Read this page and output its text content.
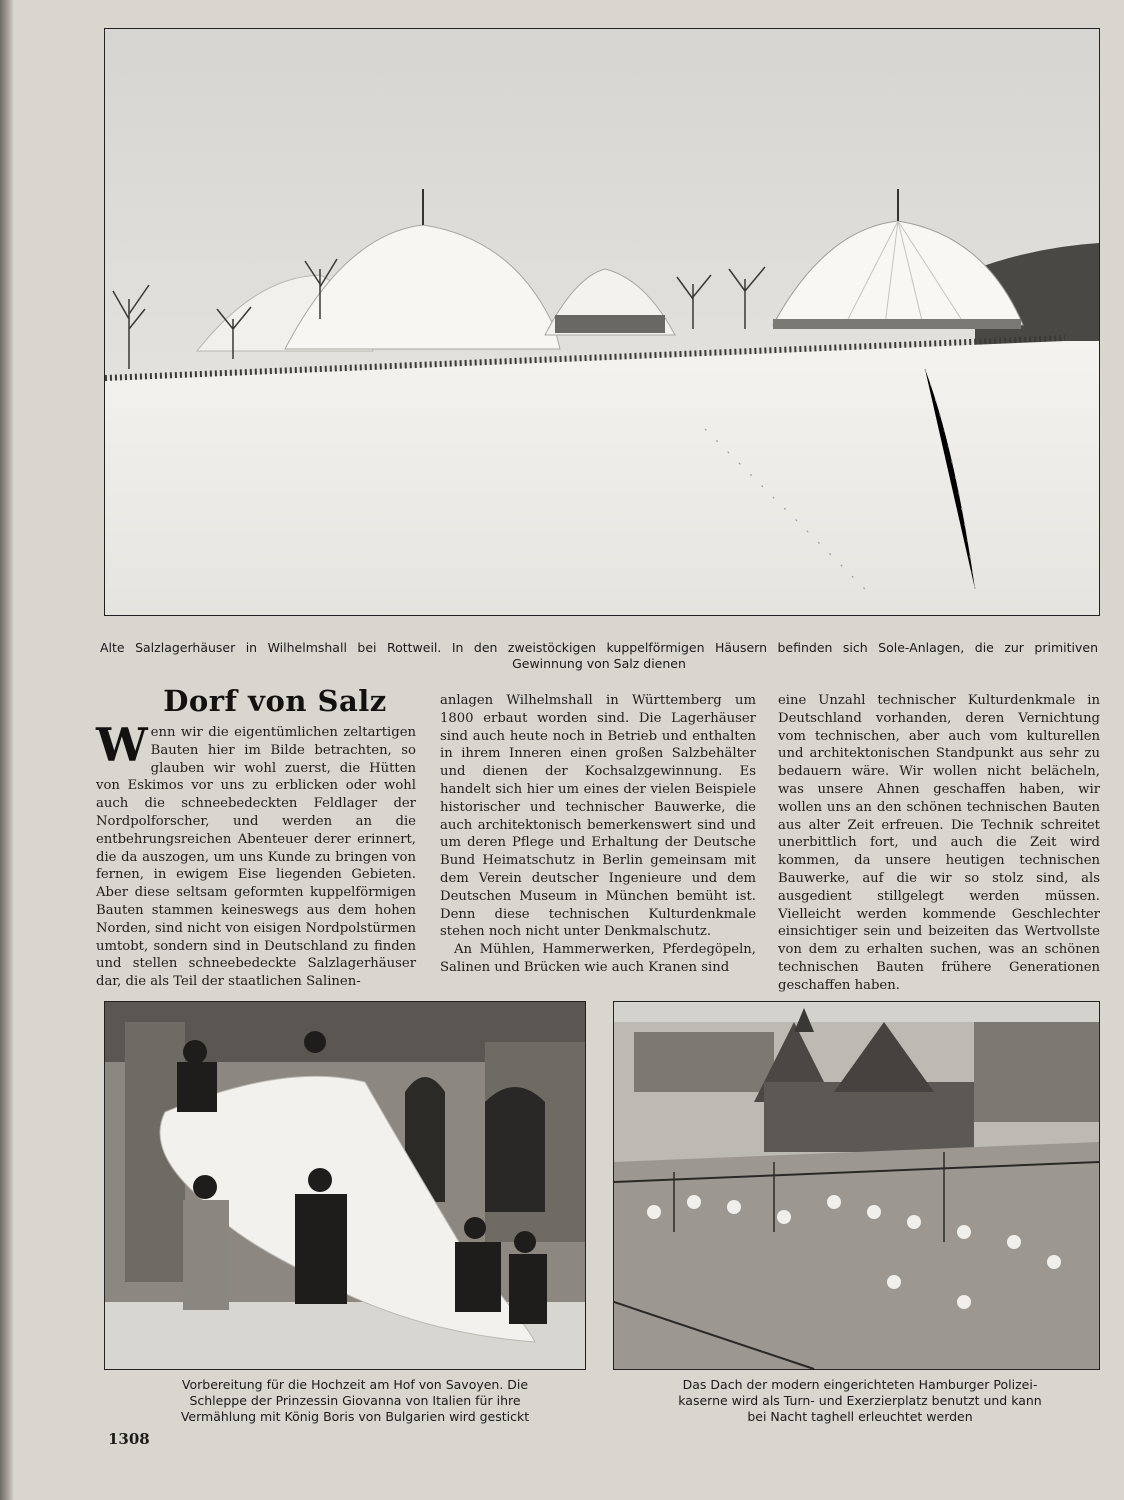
Alte Salzlagerhäuser in Wilhelmshall bei Rottweil. In den zweistöckigen kuppelförmigen Häusern befinden sich Sole-Anlagen, die zur primitiven
Gewinnung von Salz dienen
Dorf von Salz

Wenn wir die eigentümlichen zeltartigen Bauten hier im Bilde betrachten, so glauben wir wohl zuerst, die Hütten von Eskimos vor uns zu erblicken oder wohl auch die schneebedeckten Feldlager der Nordpolforscher, und werden an die entbehrungsreichen Abenteuer derer erinnert, die da auszogen, um uns Kunde zu bringen von fernen, in ewigem Eise liegenden Gebieten. Aber diese seltsam geformten kuppelförmigen Bauten stammen keineswegs aus dem hohen Norden, sind nicht von eisigen Nordpolstürmen umtobt, sondern sind in Deutschland zu finden und stellen schneebedeckte Salzlagerhäuser dar, die als Teil der staatlichen Salinen-

anlagen Wilhelmshall in Württemberg um 1800 erbaut worden sind. Die Lagerhäuser sind auch heute noch in Betrieb und enthalten in ihrem Inneren einen großen Salzbehälter und dienen der Kochsalzgewinnung. Es handelt sich hier um eines der vielen Beispiele historischer und technischer Bauwerke, die auch architektonisch bemerkenswert sind und um deren Pflege und Erhaltung der Deutsche Bund Heimatschutz in Berlin gemeinsam mit dem Verein deutscher Ingenieure und dem Deutschen Museum in München bemüht ist. Denn diese technischen Kulturdenkmale stehen noch nicht unter Denkmalschutz.

An Mühlen, Hammerwerken, Pferdegöpeln, Salinen und Brücken wie auch Kranen sind

eine Unzahl technischer Kulturdenkmale in Deutschland vorhanden, deren Vernichtung vom technischen, aber auch vom kulturellen und architektonischen Standpunkt aus sehr zu bedauern wäre. Wir wollen nicht belächeln, was unsere Ahnen geschaffen haben, wir wollen uns an den schönen technischen Bauten aus alter Zeit erfreuen. Die Technik schreitet unerbittlich fort, und auch die Zeit wird kommen, da unsere heutigen technischen Bauwerke, auf die wir so stolz sind, als ausgedient stillgelegt werden müssen. Vielleicht werden kommende Geschlechter einsichtiger sein und beizeiten das Wertvollste von dem zu erhalten suchen, was an schönen technischen Bauten frühere Generationen geschaffen haben.

Vorbereitung für die Hochzeit am Hof von Savoyen. Die
Schleppe der Prinzessin Giovanna von Italien für ihre
Vermählung mit König Boris von Bulgarien wird gestickt
Das Dach der modern eingerichteten Hamburger Polizei-
kaserne wird als Turn- und Exerzierplatz benutzt und kann
bei Nacht taghell erleuchtet werden
1308
